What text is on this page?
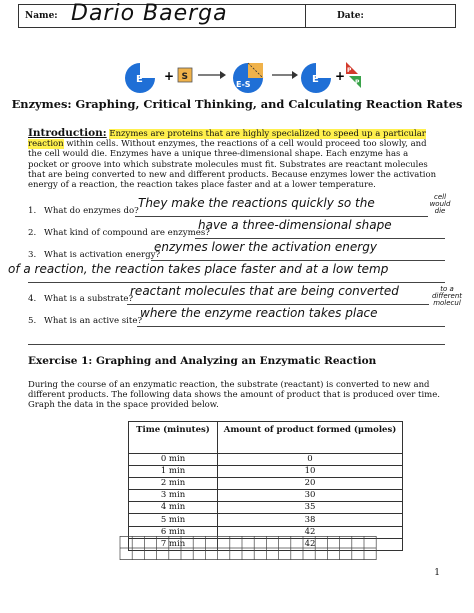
Name: Dario Baerga	Date:
E + S
E-S	E + P
P
Enzymes: Graphing, Critical Thinking, and Calculating Reaction Rates
Introduction: Enzymes are proteins that are highly specialized to speed up a particular reaction within cells. Without enzymes, the reactions of a cell would proceed too slowly, and the cell would die. Enzymes have a unique three-dimensional shape. Each enzyme has a pocket or groove into which substrate molecules must fit. Substrates are reactant molecules that are being converted to new and different products. Because enzymes lower the activation energy of a reaction, the reaction takes place faster and at a lower temperature.
1. What do enzymes do?
They make the reactions quickly so the	cell would die
2. What kind of compound are enzymes?
have a three-dimensional shape
3. What is activation energy?
enzymes lower the activation energy
of a reaction, the reaction takes place faster and at a low temp
4. What is a substrate?
reactant molecules that are being converted	to a different molecul
5. What is an active site?
where the enzyme reaction takes place
Exercise 1: Graphing and Analyzing an Enzymatic Reaction
During the course of an enzymatic reaction, the substrate (reactant) is converted to new and different products. The following data shows the amount of product that is produced over time. Graph the data in the space provided below.
Time (minutes)	Amount of product formed (μmoles)
0 min	0
1 min	10
2 min	20
3 min	30
4 min	35
5 min	38
6 min	42
7 min	42
1
